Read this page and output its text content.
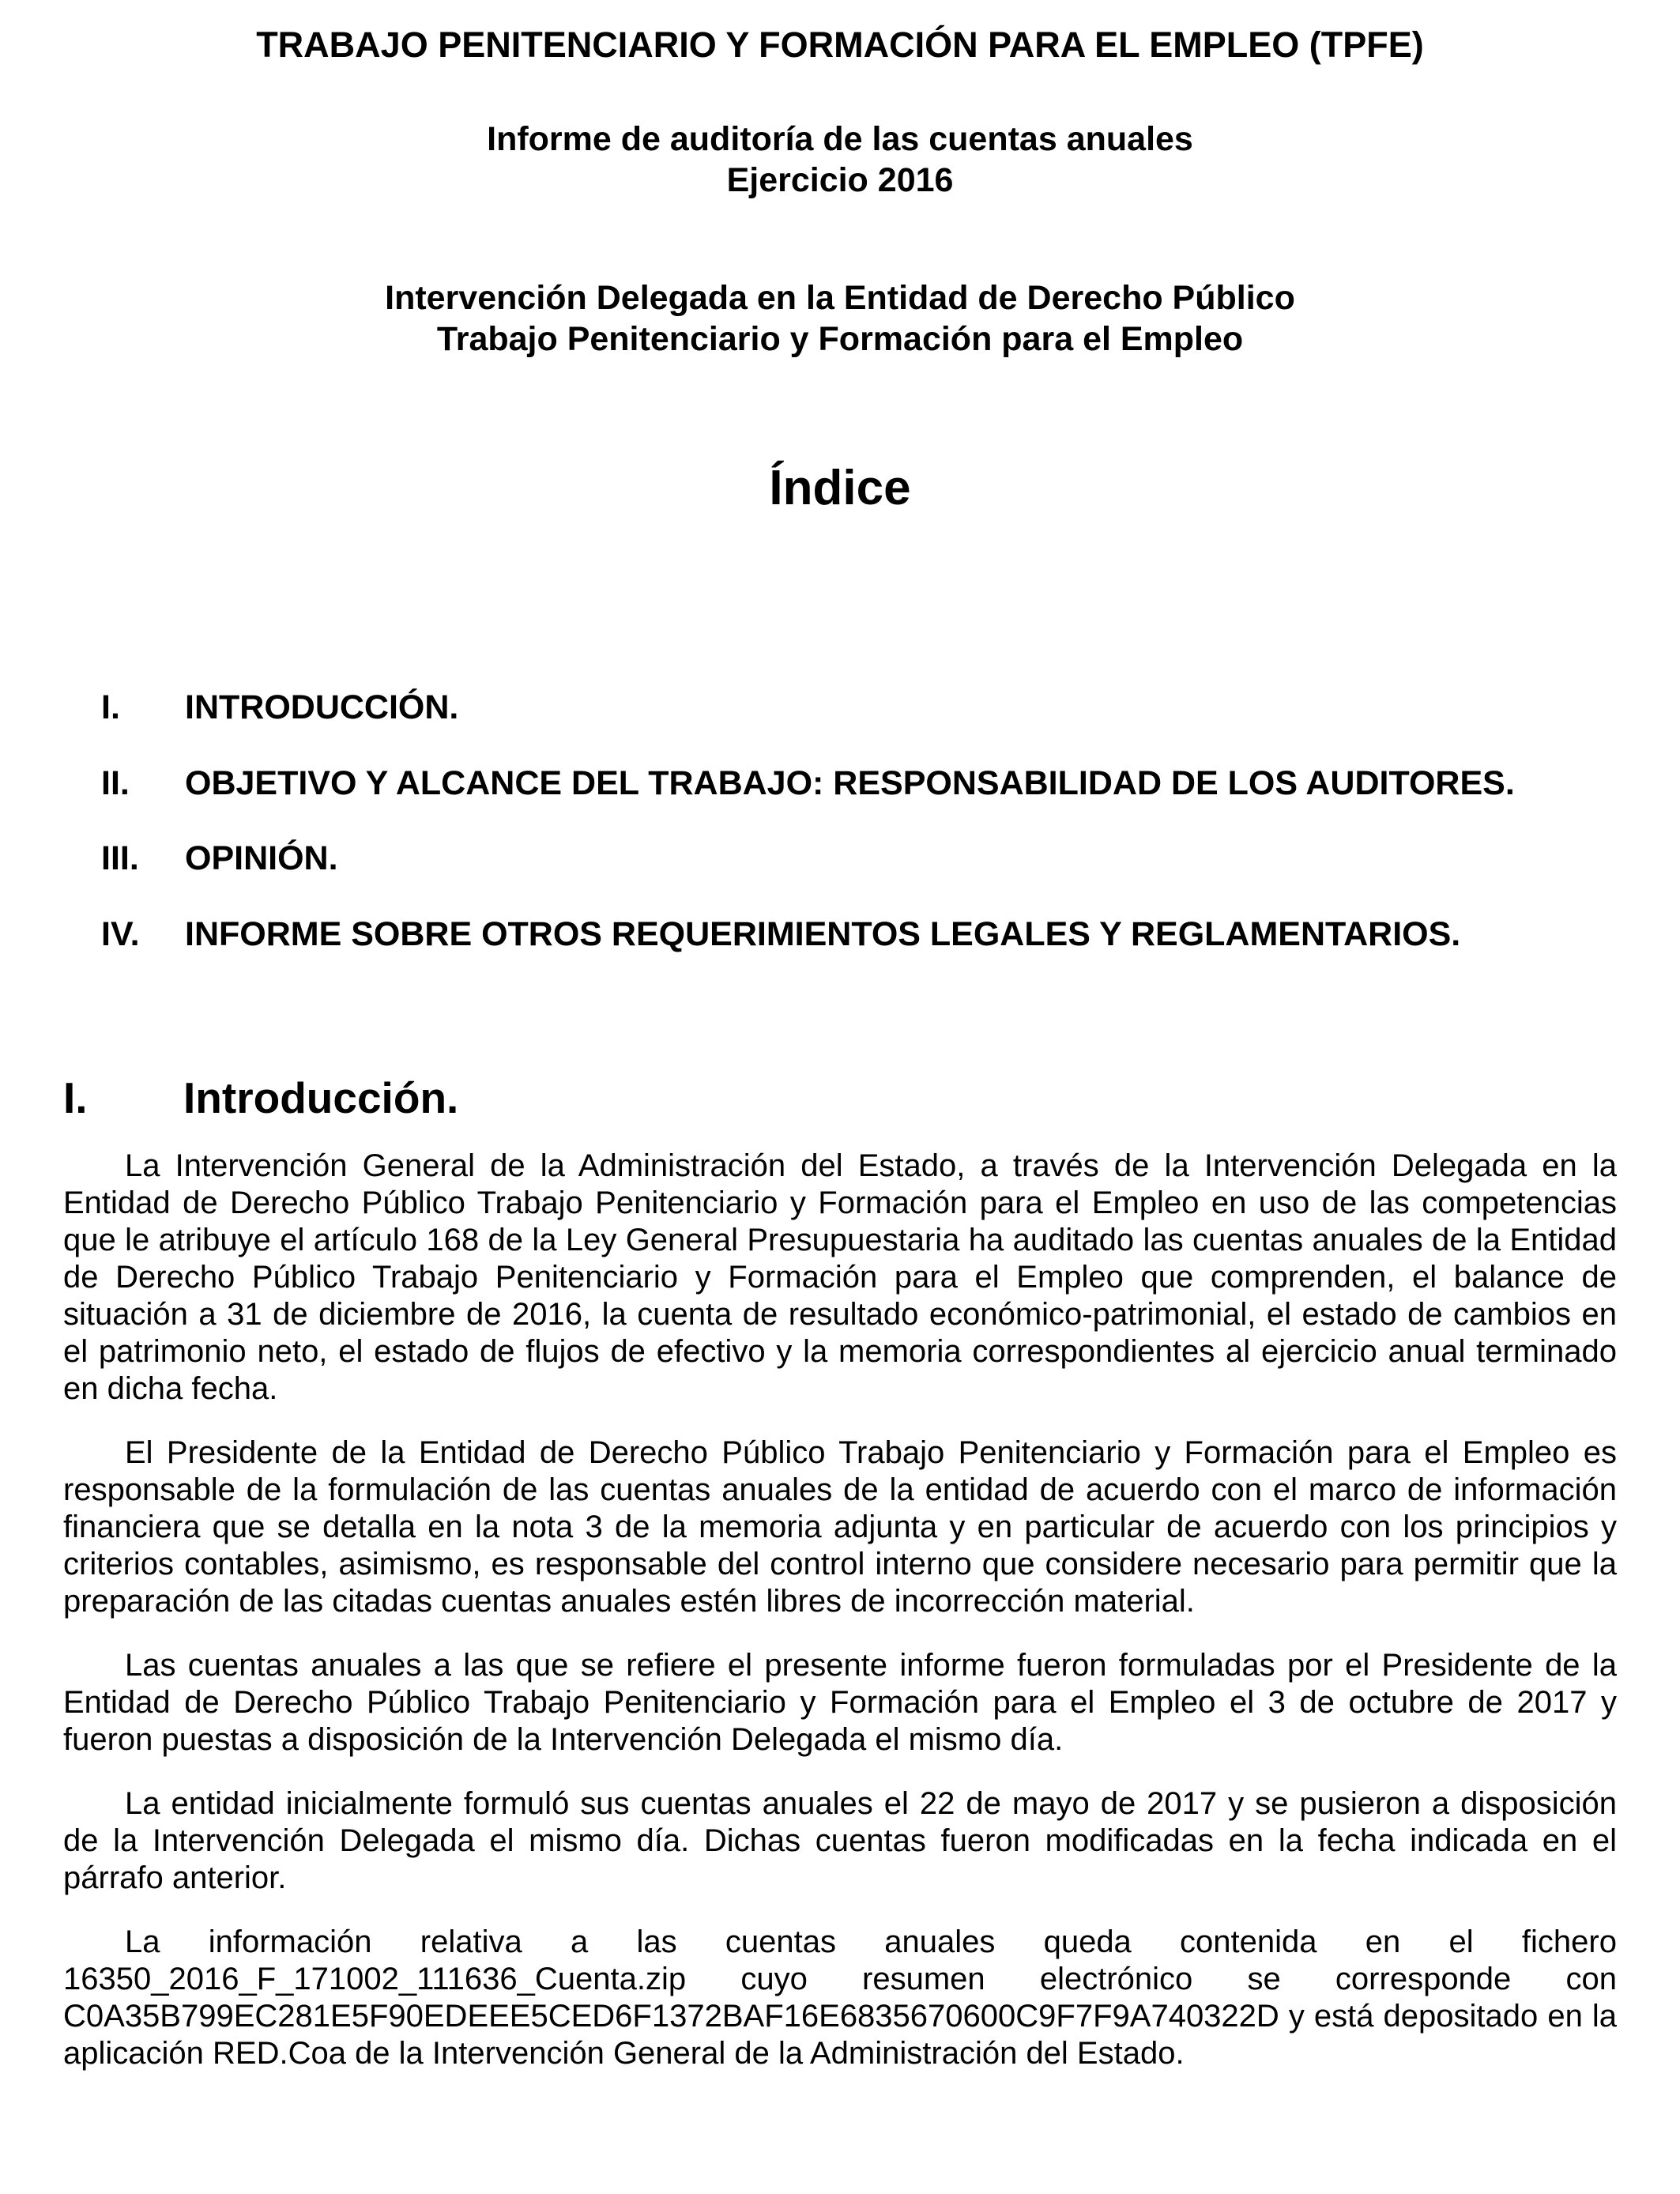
TRABAJO PENITENCIARIO Y FORMACIÓN PARA EL EMPLEO (TPFE)
Informe de auditoría de las cuentas anuales
Ejercicio 2016
Intervención Delegada en la Entidad de Derecho Público
Trabajo Penitenciario y Formación para el Empleo
Índice
I.	INTRODUCCIÓN.
II.	OBJETIVO Y ALCANCE DEL TRABAJO: RESPONSABILIDAD DE LOS AUDITORES.
III.	OPINIÓN.
IV.	INFORME SOBRE OTROS REQUERIMIENTOS LEGALES Y REGLAMENTARIOS.
I.	Introducción.

La Intervención General de la Administración del Estado, a través de la Intervención Delegada en la Entidad de Derecho Público Trabajo Penitenciario y Formación para el Empleo en uso de las competencias que le atribuye el artículo 168 de la Ley General Presupuestaria ha auditado las cuentas anuales de la Entidad de Derecho Público Trabajo Penitenciario y Formación para el Empleo que comprenden, el balance de situación a 31 de diciembre de 2016, la cuenta de resultado económico-patrimonial, el estado de cambios en el patrimonio neto, el estado de flujos de efectivo y la memoria correspondientes al ejercicio anual terminado en dicha fecha.

El Presidente de la Entidad de Derecho Público Trabajo Penitenciario y Formación para el Empleo es responsable de la formulación de las cuentas anuales de la entidad de acuerdo con el marco de información financiera que se detalla en la nota 3 de la memoria adjunta y en particular de acuerdo con los principios y criterios contables, asimismo, es responsable del control interno que considere necesario para permitir que la preparación de las citadas cuentas anuales estén libres de incorrección material.

Las cuentas anuales a las que se refiere el presente informe fueron formuladas por el Presidente de la Entidad de Derecho Público Trabajo Penitenciario y Formación para el Empleo el 3 de octubre de 2017 y fueron puestas a disposición de la Intervención Delegada el mismo día.

La entidad inicialmente formuló sus cuentas anuales el 22 de mayo de 2017 y se pusieron a disposición de la Intervención Delegada el mismo día. Dichas cuentas fueron modificadas en la fecha indicada en el párrafo anterior.

La información relativa a las cuentas anuales queda contenida en el fichero 16350_2016_F_171002_111636_Cuenta.zip cuyo resumen electrónico se corresponde con C0A35B799EC281E5F90EDEEE5CED6F1372BAF16E6835670600C9F7F9A740322D y está depositado en la aplicación RED.Coa de la Intervención General de la Administración del Estado.
